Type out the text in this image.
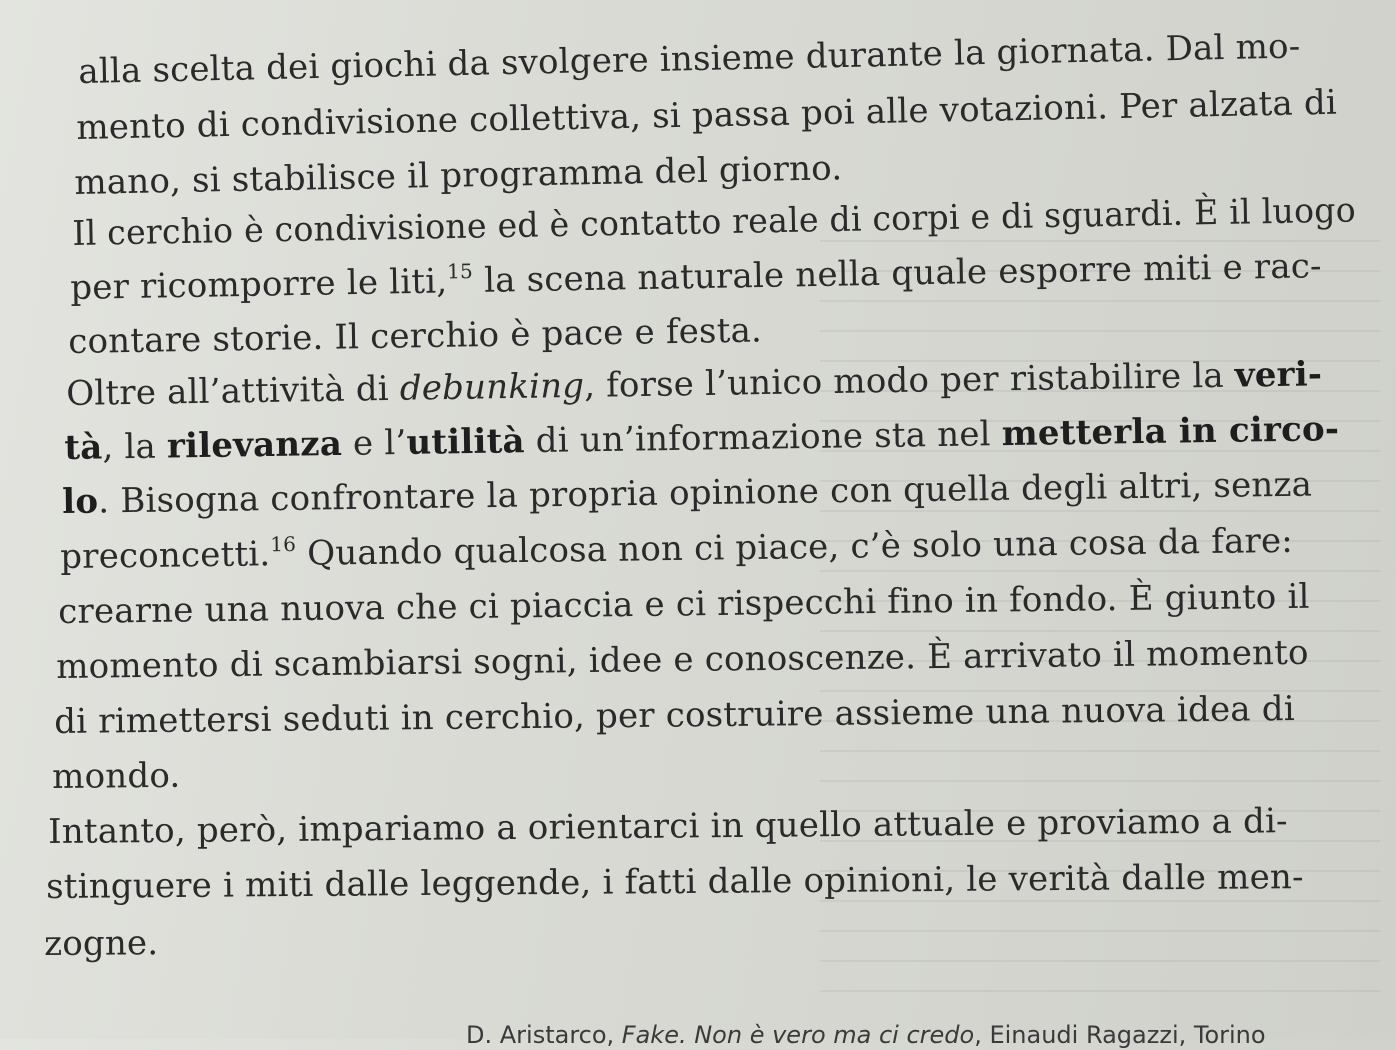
alla scelta dei giochi da svolgere insieme durante la giornata. Dal mo-
mento di condivisione collettiva, si passa poi alle votazioni. Per alzata di
mano, si stabilisce il programma del giorno.
Il cerchio è condivisione ed è contatto reale di corpi e di sguardi. È il luogo
per ricomporre le liti,$^{15}$ la scena naturale nella quale esporre miti e rac-
contare storie. Il cerchio è pace e festa.
Oltre all’attività di debunking, forse l’unico modo per ristabilire la veri-
tà, la rilevanza e l’utilità di un’informazione sta nel metterla in circo-
lo. Bisogna confrontare la propria opinione con quella degli altri, senza
preconcetti.$^{16}$ Quando qualcosa non ci piace, c’è solo una cosa da fare:
crearne una nuova che ci piaccia e ci rispecchi fino in fondo. È giunto il
momento di scambiarsi sogni, idee e conoscenze. È arrivato il momento
di rimettersi seduti in cerchio, per costruire assieme una nuova idea di
mondo.
Intanto, però, impariamo a orientarci in quello attuale e proviamo a di-
stinguere i miti dalle leggende, i fatti dalle opinioni, le verità dalle men-
zogne.
D. Aristarco, Fake. Non è vero ma ci credo, Einaudi Ragazzi, Torino
